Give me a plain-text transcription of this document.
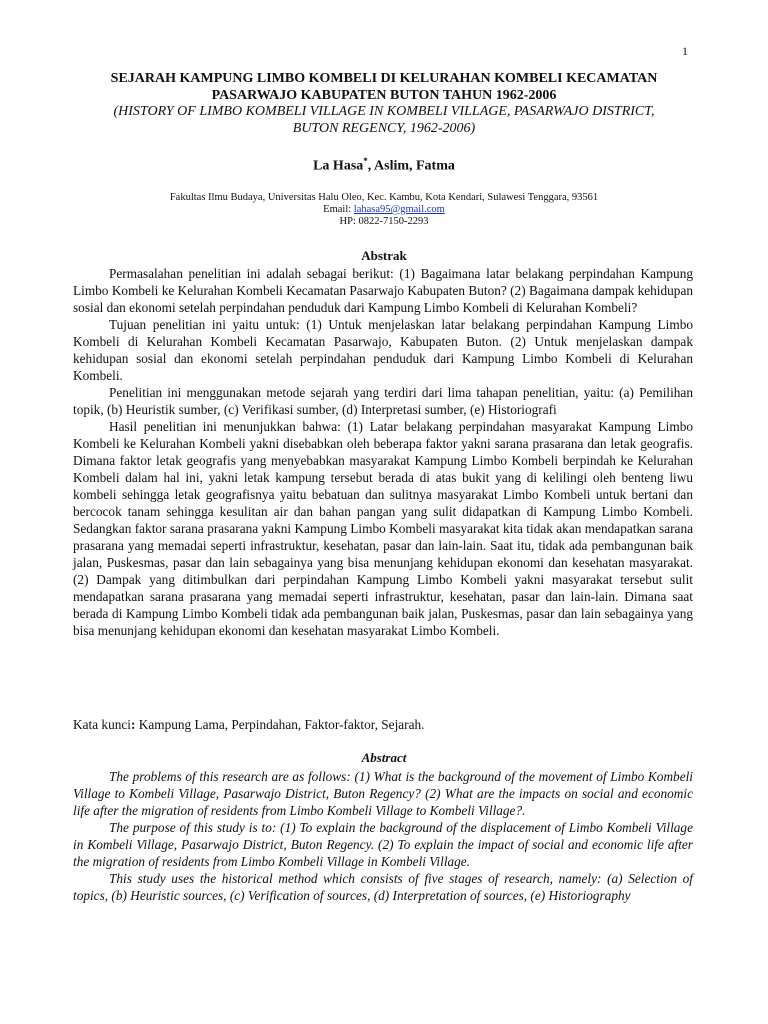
1
SEJARAH KAMPUNG LIMBO KOMBELI DI KELURAHAN KOMBELI KECAMATAN
PASARWAJO KABUPATEN BUTON TAHUN 1962-2006
(HISTORY OF LIMBO KOMBELI VILLAGE IN KOMBELI VILLAGE, PASARWAJO DISTRICT,
BUTON REGENCY, 1962-2006)
La Hasa*, Aslim, Fatma
Fakultas Ilmu Budaya, Universitas Halu Oleo, Kec. Kambu, Kota Kendari, Sulawesi Tenggara, 93561
Email: lahasa95@gmail.com
HP: 0822-7150-2293
Abstrak

Permasalahan penelitian ini adalah sebagai berikut: (1) Bagaimana latar belakang perpindahan Kampung Limbo Kombeli ke Kelurahan Kombeli Kecamatan Pasarwajo Kabupaten Buton? (2) Bagaimana dampak kehidupan sosial dan ekonomi setelah perpindahan penduduk dari Kampung Limbo Kombeli di Kelurahan Kombeli?

Tujuan penelitian ini yaitu untuk: (1) Untuk menjelaskan latar belakang perpindahan Kampung Limbo Kombeli di Kelurahan Kombeli Kecamatan Pasarwajo, Kabupaten Buton. (2) Untuk menjelaskan dampak kehidupan sosial dan ekonomi setelah perpindahan penduduk dari Kampung Limbo Kombeli di Kelurahan Kombeli.

Penelitian ini menggunakan metode sejarah yang terdiri dari lima tahapan penelitian, yaitu: (a) Pemilihan topik, (b) Heuristik sumber, (c) Verifikasi sumber, (d) Interpretasi sumber, (e) Historiografi

Hasil penelitian ini menunjukkan bahwa: (1) Latar belakang perpindahan masyarakat Kampung Limbo Kombeli ke Kelurahan Kombeli yakni disebabkan oleh beberapa faktor yakni sarana prasarana dan letak geografis. Dimana faktor letak geografis yang menyebabkan masyarakat Kampung Limbo Kombeli berpindah ke Kelurahan Kombeli dalam hal ini, yakni letak kampung tersebut berada di atas bukit yang di kelilingi oleh benteng liwu kombeli sehingga letak geografisnya yaitu bebatuan dan sulitnya masyarakat Limbo Kombeli untuk bertani dan bercocok tanam sehingga kesulitan air dan bahan pangan yang sulit didapatkan di Kampung Limbo Kombeli. Sedangkan faktor sarana prasarana yakni Kampung Limbo Kombeli masyarakat kita tidak akan mendapatkan sarana prasarana yang memadai seperti infrastruktur, kesehatan, pasar dan lain-lain. Saat itu, tidak ada pembangunan baik jalan, Puskesmas, pasar dan lain sebagainya yang bisa menunjang kehidupan ekonomi dan kesehatan masyarakat. (2) Dampak yang ditimbulkan dari perpindahan Kampung Limbo Kombeli yakni masyarakat tersebut sulit mendapatkan sarana prasarana yang memadai seperti infrastruktur, kesehatan, pasar dan lain-lain. Dimana saat berada di Kampung Limbo Kombeli tidak ada pembangunan baik jalan, Puskesmas, pasar dan lain sebagainya yang bisa menunjang kehidupan ekonomi dan kesehatan masyarakat Limbo Kombeli.

Kata kunci: Kampung Lama, Perpindahan, Faktor-faktor, Sejarah.
Abstract

The problems of this research are as follows: (1) What is the background of the movement of Limbo Kombeli Village to Kombeli Village, Pasarwajo District, Buton Regency? (2) What are the impacts on social and economic life after the migration of residents from Limbo Kombeli Village to Kombeli Village?.

The purpose of this study is to: (1) To explain the background of the displacement of Limbo Kombeli Village in Kombeli Village, Pasarwajo District, Buton Regency. (2) To explain the impact of social and economic life after the migration of residents from Limbo Kombeli Village in Kombeli Village.

This study uses the historical method which consists of five stages of research, namely: (a) Selection of topics, (b) Heuristic sources, (c) Verification of sources, (d) Interpretation of sources, (e) Historiography
